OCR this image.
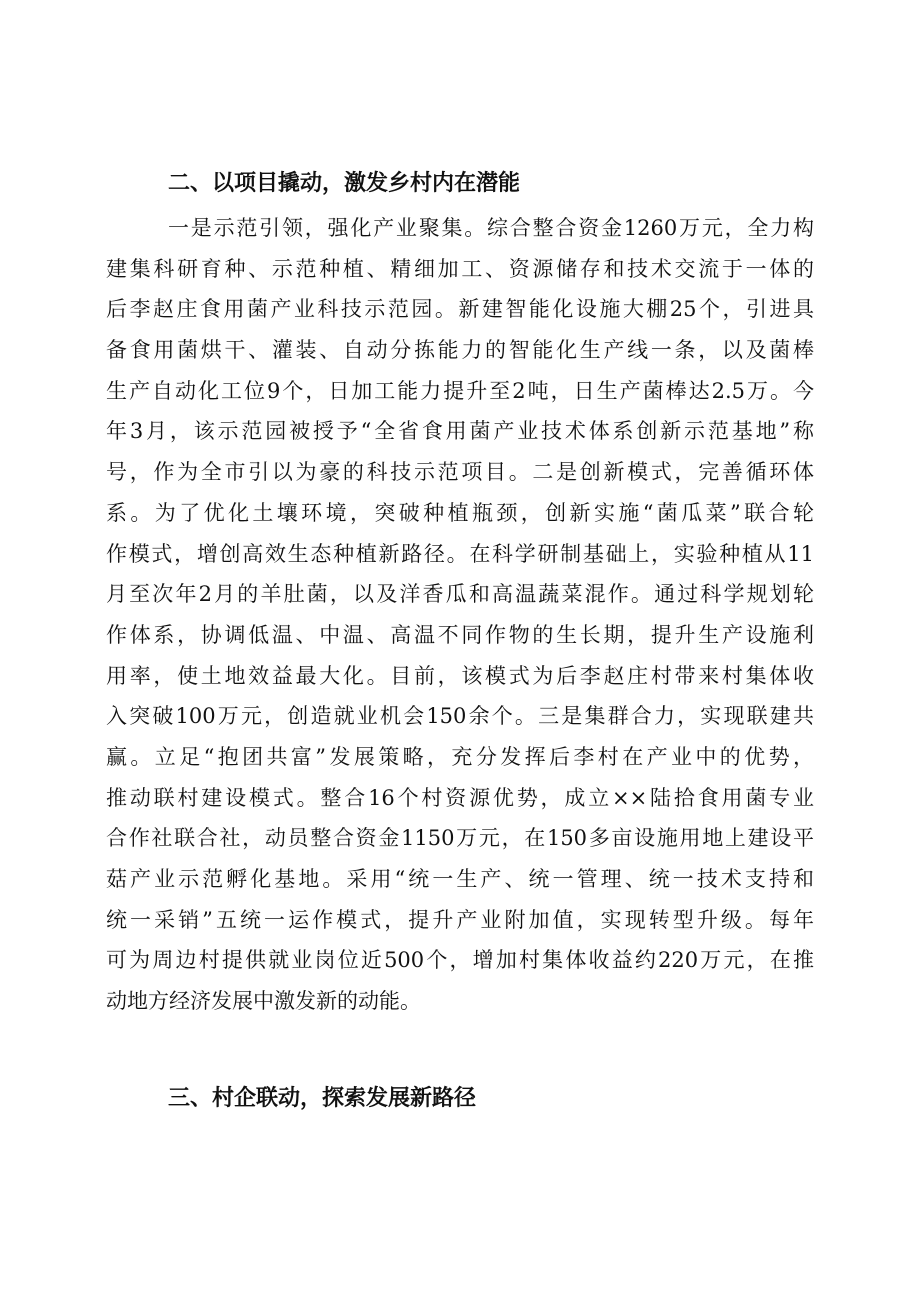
二、以项目撬动，激发乡村内在潜能
一是示范引领，强化产业聚集。综合整合资金1260万元，全力构
建集科研育种、示范种植、精细加工、资源储存和技术交流于一体的
后李赵庄食用菌产业科技示范园。新建智能化设施大棚25个，引进具
备食用菌烘干、灌装、自动分拣能力的智能化生产线一条，以及菌棒
生产自动化工位9个，日加工能力提升至2吨，日生产菌棒达2.5万。今
年3月，该示范园被授予“全省食用菌产业技术体系创新示范基地”称
号，作为全市引以为豪的科技示范项目。二是创新模式，完善循环体
系。为了优化土壤环境，突破种植瓶颈，创新实施“菌瓜菜”联合轮
作模式，增创高效生态种植新路径。在科学研制基础上，实验种植从11
月至次年2月的羊肚菌，以及洋香瓜和高温蔬菜混作。通过科学规划轮
作体系，协调低温、中温、高温不同作物的生长期，提升生产设施利
用率，使土地效益最大化。目前，该模式为后李赵庄村带来村集体收
入突破100万元，创造就业机会150余个。三是集群合力，实现联建共
赢。立足“抱团共富”发展策略，充分发挥后李村在产业中的优势，
推动联村建设模式。整合16个村资源优势，成立××陆拾食用菌专业
合作社联合社，动员整合资金1150万元，在150多亩设施用地上建设平
菇产业示范孵化基地。采用“统一生产、统一管理、统一技术支持和
统一采销”五统一运作模式，提升产业附加值，实现转型升级。每年
可为周边村提供就业岗位近500个，增加村集体收益约220万元，在推
动地方经济发展中激发新的动能。
三、村企联动，探索发展新路径
